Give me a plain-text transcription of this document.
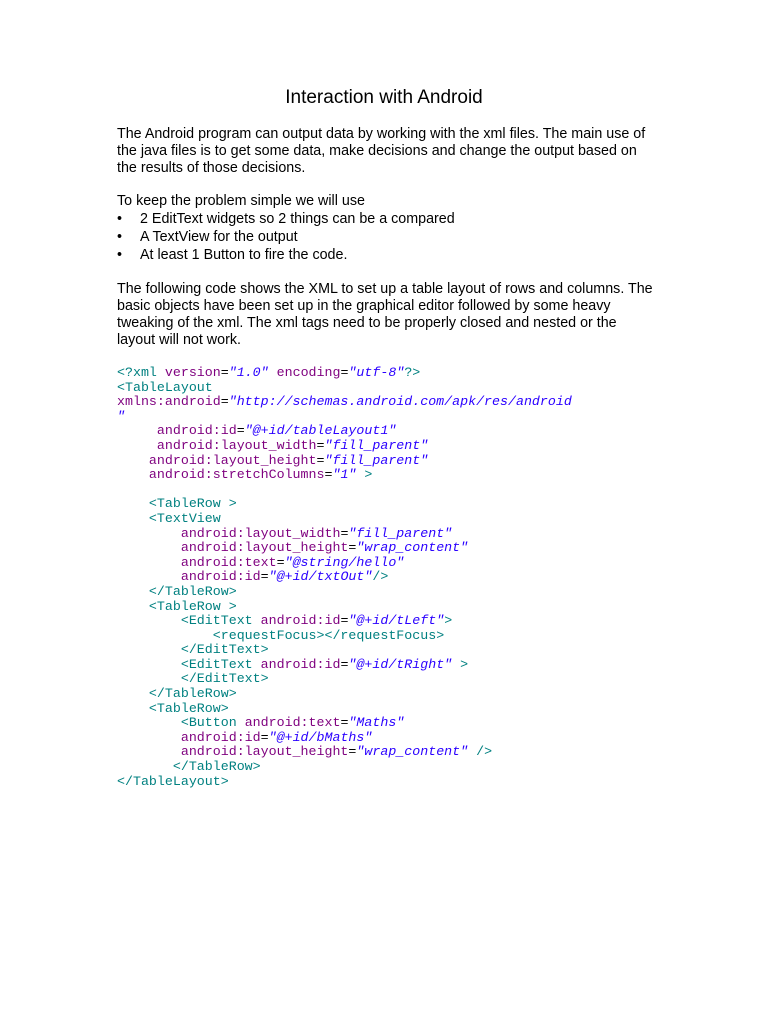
Interaction with Android

The Android program can output data by working with the xml files. The main use of the java files is to get some data, make decisions and change the output based on the results of those decisions.

To keep the problem simple we will use

• 2 EditText widgets so 2 things can be a compared
• A TextView for the output
• At least 1 Button to fire the code.

The following code shows the XML to set up a table layout of rows and columns. The basic objects have been set up in the graphical editor followed by some heavy tweaking of the xml. The xml tags need to be properly closed and nested or the layout will not work.

<?xml version="1.0" encoding="utf-8"?>
<TableLayout
xmlns:android="http://schemas.android.com/apk/res/android
"
android:id="@+id/tableLayout1"
android:layout_width="fill_parent"
android:layout_height="fill_parent"
android:stretchColumns="1" >
<TableRow >
<TextView
android:layout_width="fill_parent"
android:layout_height="wrap_content"
android:text="@string/hello"
android:id="@+id/txtOut"/>
</TableRow>
<TableRow >
<EditText android:id="@+id/tLeft">
<requestFocus></requestFocus>
</EditText>
<EditText android:id="@+id/tRight" >
</EditText>
</TableRow>
<TableRow>
<Button android:text="Maths"
android:id="@+id/bMaths"
android:layout_height="wrap_content" />
</TableRow>
</TableLayout>
